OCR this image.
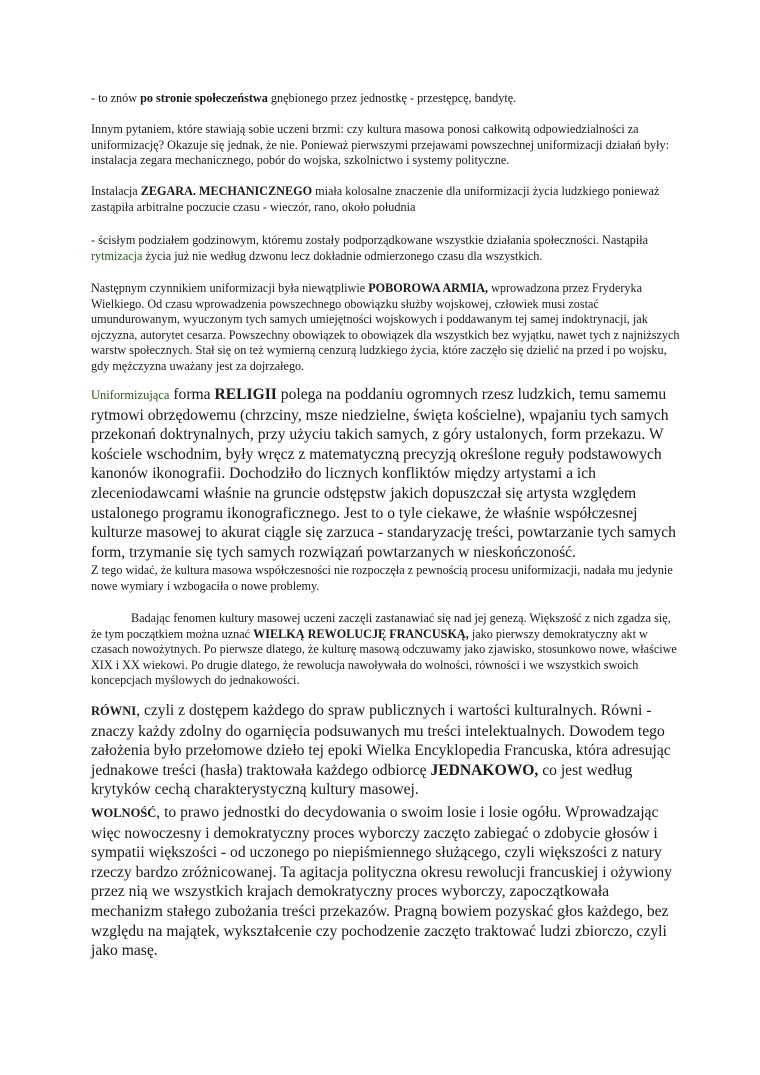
- to znów po stronie społeczeństwa gnębionego przez jednostkę - przestępcę, bandytę.

Innym pytaniem, które stawiają sobie uczeni brzmi: czy kultura masowa ponosi całkowitą odpowiedzialności za uniformizację? Okazuje się jednak, że nie. Ponieważ pierwszymi przejawami powszechnej uniformizacji działań były: instalacja zegara mechanicznego, pobór do wojska, szkolnictwo i systemy polityczne.

Instalacja ZEGARA. MECHANICZNEGO miała kolosalne znaczenie dla uniformizacji życia ludzkiego ponieważ zastąpiła arbitralne poczucie czasu - wieczór, rano, około południa

- ścisłym podziałem godzinowym, któremu zostały podporządkowane wszystkie działania społeczności. Nastąpiła rytmizacja życia już nie według dzwonu lecz dokładnie odmierzonego czasu dla wszystkich.

Następnym czynnikiem uniformizacji była niewątpliwie POBOROWA ARMIA, wprowadzona przez Fryderyka Wielkiego. Od czasu wprowadzenia powszechnego obowiązku służby wojskowej, człowiek musi zostać umundurowanym, wyuczonym tych samych umiejętności wojskowych i poddawanym tej samej indoktrynacji, jak ojczyzna, autorytet cesarza. Powszechny obowiązek to obowiązek dla wszystkich bez wyjątku, nawet tych z najniższych warstw społecznych. Stał się on też wymierną cenzurą ludzkiego życia, które zaczęło się dzielić na przed i po wojsku, gdy mężczyzna uważany jest za dojrzałego.

Uniformizująca forma RELIGII polega na poddaniu ogromnych rzesz ludzkich, temu samemu rytmowi obrzędowemu (chrzciny, msze niedzielne, święta kościelne), wpajaniu tych samych przekonań doktrynalnych, przy użyciu takich samych, z góry ustalonych, form przekazu. W kościele wschodnim, były wręcz z matematyczną precyzją określone reguły podstawowych kanonów ikonografii. Dochodziło do licznych konfliktów między artystami a ich zleceniodawcami właśnie na gruncie odstępstw jakich dopuszczał się artysta względem ustalonego programu ikonograficznego. Jest to o tyle ciekawe, że właśnie współczesnej kulturze masowej to akurat ciągle się zarzuca - standaryzację treści, powtarzanie tych samych form, trzymanie się tych samych rozwiązań powtarzanych w nieskończoność.

Z tego widać, że kultura masowa współczesności nie rozpoczęła z pewnością procesu uniformizacji, nadała mu jedynie nowe wymiary i wzbogaciła o nowe problemy.

Badając fenomen kultury masowej uczeni zaczęli zastanawiać się nad jej genezą. Większość z nich zgadza się, że tym początkiem można uznać WIELKĄ REWOLUCJĘ FRANCUSKĄ, jako pierwszy demokratyczny akt w czasach nowożytnych. Po pierwsze dlatego, że kulturę masową odczuwamy jako zjawisko, stosunkowo nowe, właściwe XIX i XX wiekowi. Po drugie dlatego, że rewolucja nawoływała do wolności, równości i we wszystkich swoich koncepcjach myślowych do jednakowości.

RÓWNI, czyli z dostępem każdego do spraw publicznych i wartości kulturalnych. Równi -znaczy każdy zdolny do ogarnięcia podsuwanych mu treści intelektualnych. Dowodem tego założenia było przełomowe dzieło tej epoki Wielka Encyklopedia Francuska, która adresując jednakowe treści (hasła) traktowała każdego odbiorcę JEDNAKOWO, co jest według krytyków cechą charakterystyczną kultury masowej.

WOLNOŚĆ, to prawo jednostki do decydowania o swoim losie i losie ogółu. Wprowadzając więc nowoczesny i demokratyczny proces wyborczy zaczęto zabiegać o zdobycie głosów i sympatii większości - od uczonego po niepiśmiennego służącego, czyli większości z natury rzeczy bardzo zróżnicowanej. Ta agitacja polityczna okresu rewolucji francuskiej i ożywiony przez nią we wszystkich krajach demokratyczny proces wyborczy, zapoczątkowała mechanizm stałego zubożania treści przekazów. Pragną bowiem pozyskać głos każdego, bez względu na majątek, wykształcenie czy pochodzenie zaczęto traktować ludzi zbiorczo, czyli jako masę.
